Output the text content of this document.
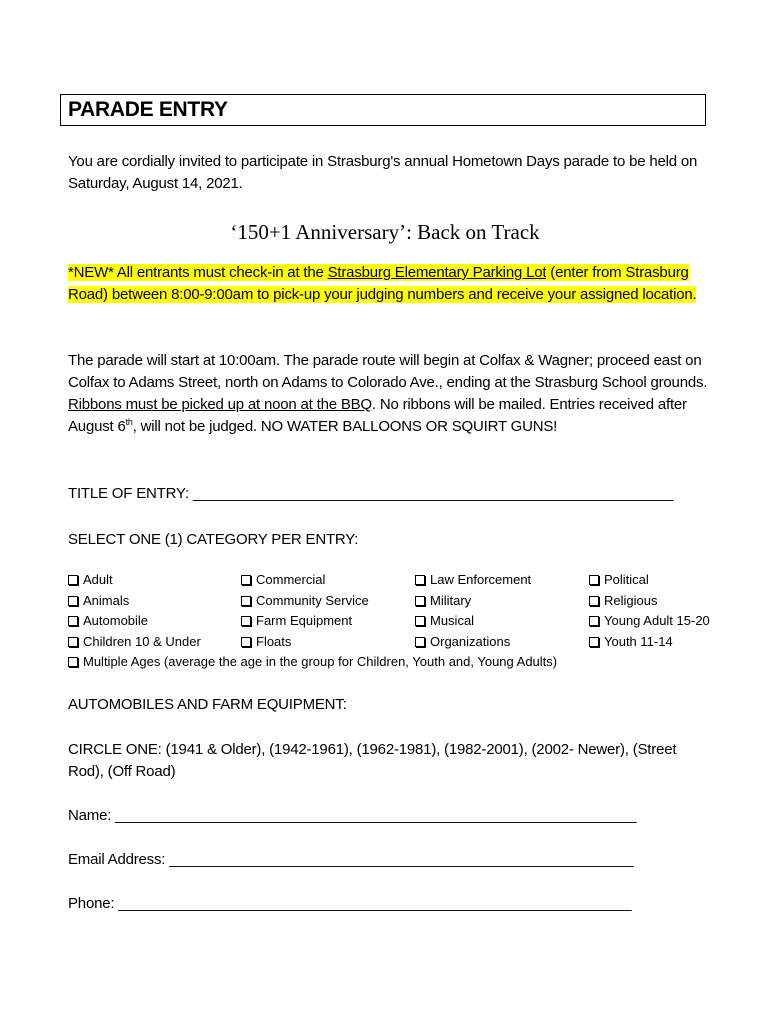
PARADE ENTRY
You are cordially invited to participate in Strasburg's annual Hometown Days parade to be held on Saturday, August 14, 2021.
‘150+1 Anniversary’: Back on Track
*NEW* All entrants must check-in at the Strasburg Elementary Parking Lot (enter from Strasburg Road) between 8:00-9:00am to pick-up your judging numbers and receive your assigned location.
The parade will start at 10:00am. The parade route will begin at Colfax & Wagner; proceed east on Colfax to Adams Street, north on Adams to Colorado Ave., ending at the Strasburg School grounds. Ribbons must be picked up at noon at the BBQ. No ribbons will be mailed. Entries received after August 6th, will not be judged. NO WATER BALLOONS OR SQUIRT GUNS!
TITLE OF ENTRY: ___________________________________________________________
SELECT ONE (1) CATEGORY PER ENTRY:
Adult
Animals
Automobile
Children 10 & Under
Commercial
Community Service
Farm Equipment
Floats
Law Enforcement
Military
Musical
Organizations
Political
Religious
Young Adult 15-20
Youth 11-14
Multiple Ages (average the age in the group for Children, Youth and, Young Adults)
AUTOMOBILES AND FARM EQUIPMENT:
CIRCLE ONE: (1941 & Older), (1942-1961), (1962-1981), (1982-2001), (2002- Newer), (Street Rod), (Off Road)
Name: ________________________________________________________________
Email Address: _________________________________________________________
Phone: _______________________________________________________________
